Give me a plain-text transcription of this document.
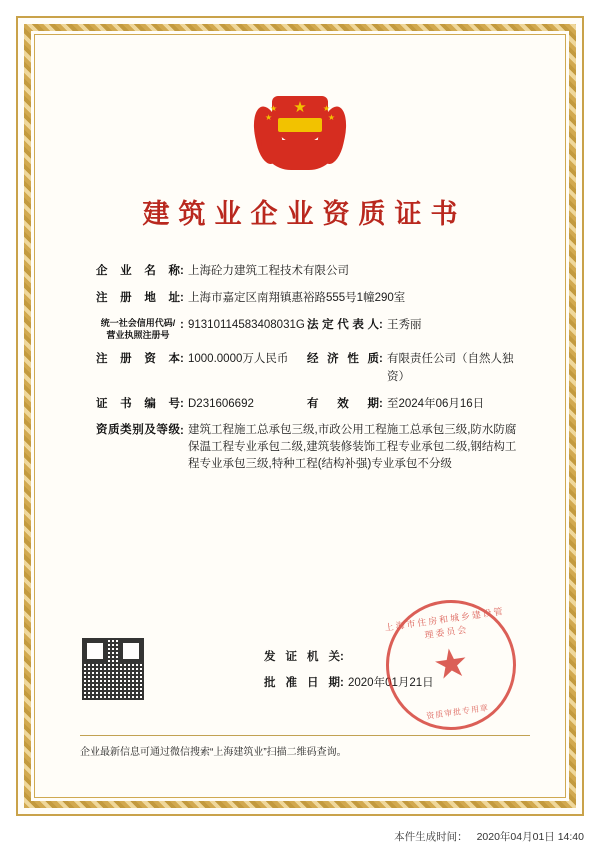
★
★
★
★
★
建筑业企业资质证书
企业名称 : 上海砼力建筑工程技术有限公司
注册地址 : 上海市嘉定区南翔镇惠裕路555号1幢290室
统一社会信用代码/
营业执照注册号
: 91310114583408031G 法定代表人 : 王秀丽
注册资本 : 1000.0000万人民币	经济性质 : 有限责任公司（自然人独资）
证书编号 : D231606692	有效期 : 至2024年06月16日
资质类别及等级 : 建筑工程施工总承包三级,市政公用工程施工总承包三级,防水防腐保温工程专业承包二级,建筑装修装饰工程专业承包二级,钢结构工程专业承包三级,特种工程(结构补强)专业承包不分级
发证机关 :
批准日期 : 2020年01月21日
上海市住房和城乡建设管理委员会
★
资质审批专用章
企业最新信息可通过微信搜索“上海建筑业”扫描二维码查询。
本件生成时间： 2020年04月01日 14:40
